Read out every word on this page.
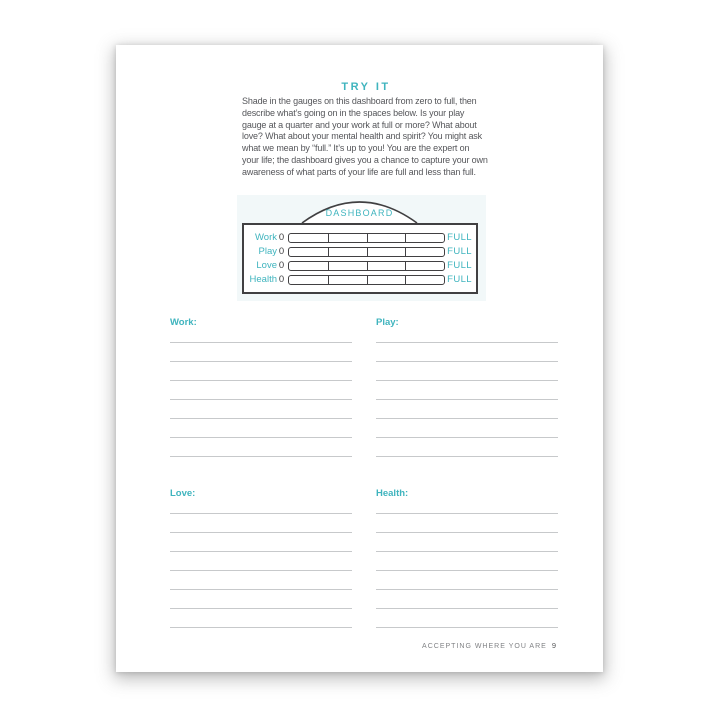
TRY IT
Shade in the gauges on this dashboard from zero to full, then
describe what’s going on in the spaces below. Is your play
gauge at a quarter and your work at full or more? What about
love? What about your mental health and spirit? You might ask
what we mean by “full.” It’s up to you! You are the expert on
your life; the dashboard gives you a chance to capture your own
awareness of what parts of your life are full and less than full.
DASHBOARD
Work 0	FULL
Play 0	FULL
Love 0	FULL
Health 0	FULL
Work:	Play:
Love:	Health:
ACCEPTING WHERE YOU ARE 9
